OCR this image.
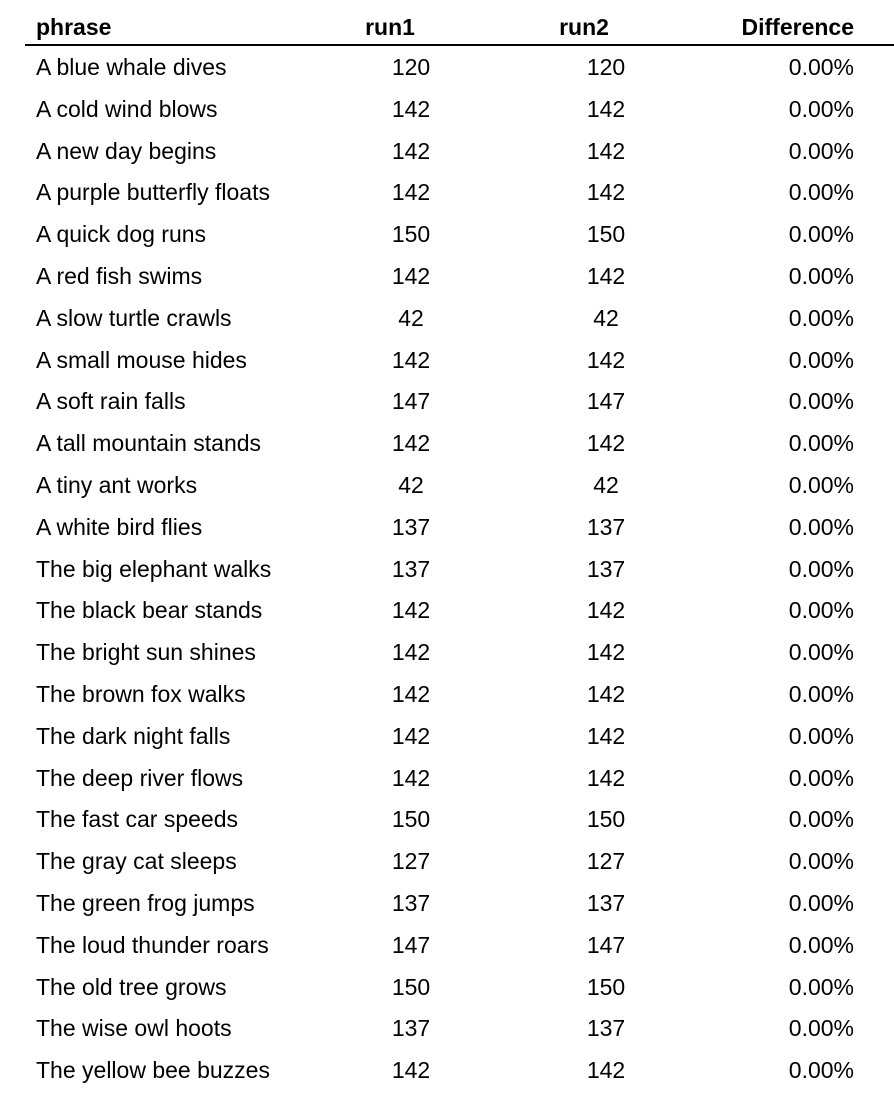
phrase	run1	run2	Difference
A blue whale dives	120	120	0.00%
A cold wind blows	142	142	0.00%
A new day begins	142	142	0.00%
A purple butterfly floats	142	142	0.00%
A quick dog runs	150	150	0.00%
A red fish swims	142	142	0.00%
A slow turtle crawls	42	42	0.00%
A small mouse hides	142	142	0.00%
A soft rain falls	147	147	0.00%
A tall mountain stands	142	142	0.00%
A tiny ant works	42	42	0.00%
A white bird flies	137	137	0.00%
The big elephant walks	137	137	0.00%
The black bear stands	142	142	0.00%
The bright sun shines	142	142	0.00%
The brown fox walks	142	142	0.00%
The dark night falls	142	142	0.00%
The deep river flows	142	142	0.00%
The fast car speeds	150	150	0.00%
The gray cat sleeps	127	127	0.00%
The green frog jumps	137	137	0.00%
The loud thunder roars	147	147	0.00%
The old tree grows	150	150	0.00%
The wise owl hoots	137	137	0.00%
The yellow bee buzzes	142	142	0.00%
